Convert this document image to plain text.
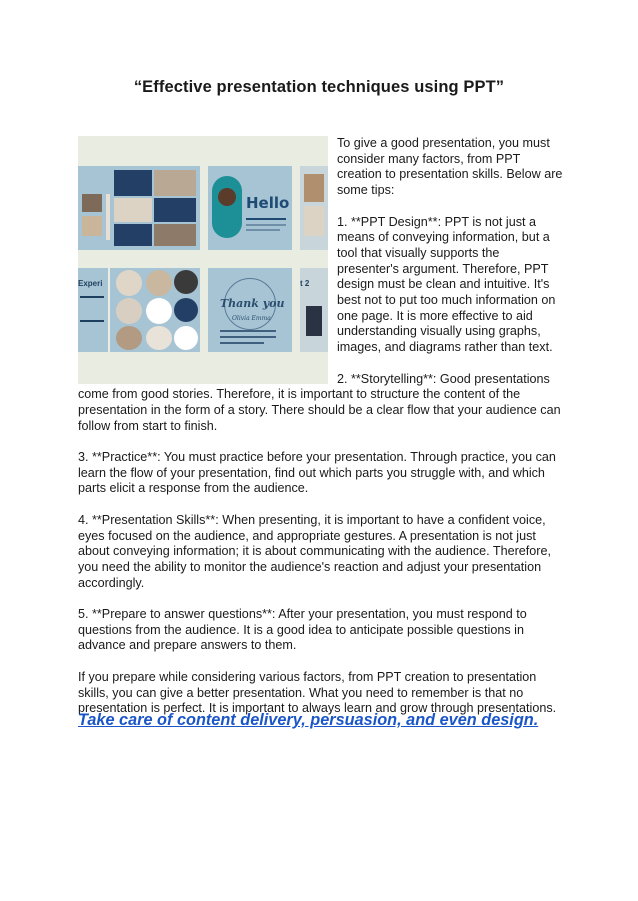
“Effective presentation techniques using PPT”
Hello
Experi
Thank you
Olivia Emma
t 2
To give a good presentation, you must consider many factors, from PPT creation to presentation skills. Below are some tips:
1. **PPT Design**: PPT is not just a means of conveying information, but a tool that visually supports the presenter's argument. Therefore, PPT design must be clean and intuitive. It's best not to put too much information on one page. It is more effective to aid understanding visually using graphs, images, and diagrams rather than text.
2. **Storytelling**: Good presentations come from good stories. Therefore, it is important to structure the content of the presentation in the form of a story. There should be a clear flow that your audience can follow from start to finish.
3. **Practice**: You must practice before your presentation. Through practice, you can learn the flow of your presentation, find out which parts you struggle with, and which parts elicit a response from the audience.
4. **Presentation Skills**: When presenting, it is important to have a confident voice, eyes focused on the audience, and appropriate gestures. A presentation is not just about conveying information; it is about communicating with the audience. Therefore, you need the ability to monitor the audience's reaction and adjust your presentation accordingly.
5. **Prepare to answer questions**: After your presentation, you must respond to questions from the audience. It is a good idea to anticipate possible questions in advance and prepare answers to them.
If you prepare while considering various factors, from PPT creation to presentation skills, you can give a better presentation. What you need to remember is that no presentation is perfect. It is important to always learn and grow through presentations.
Take care of content delivery, persuasion, and even design.
